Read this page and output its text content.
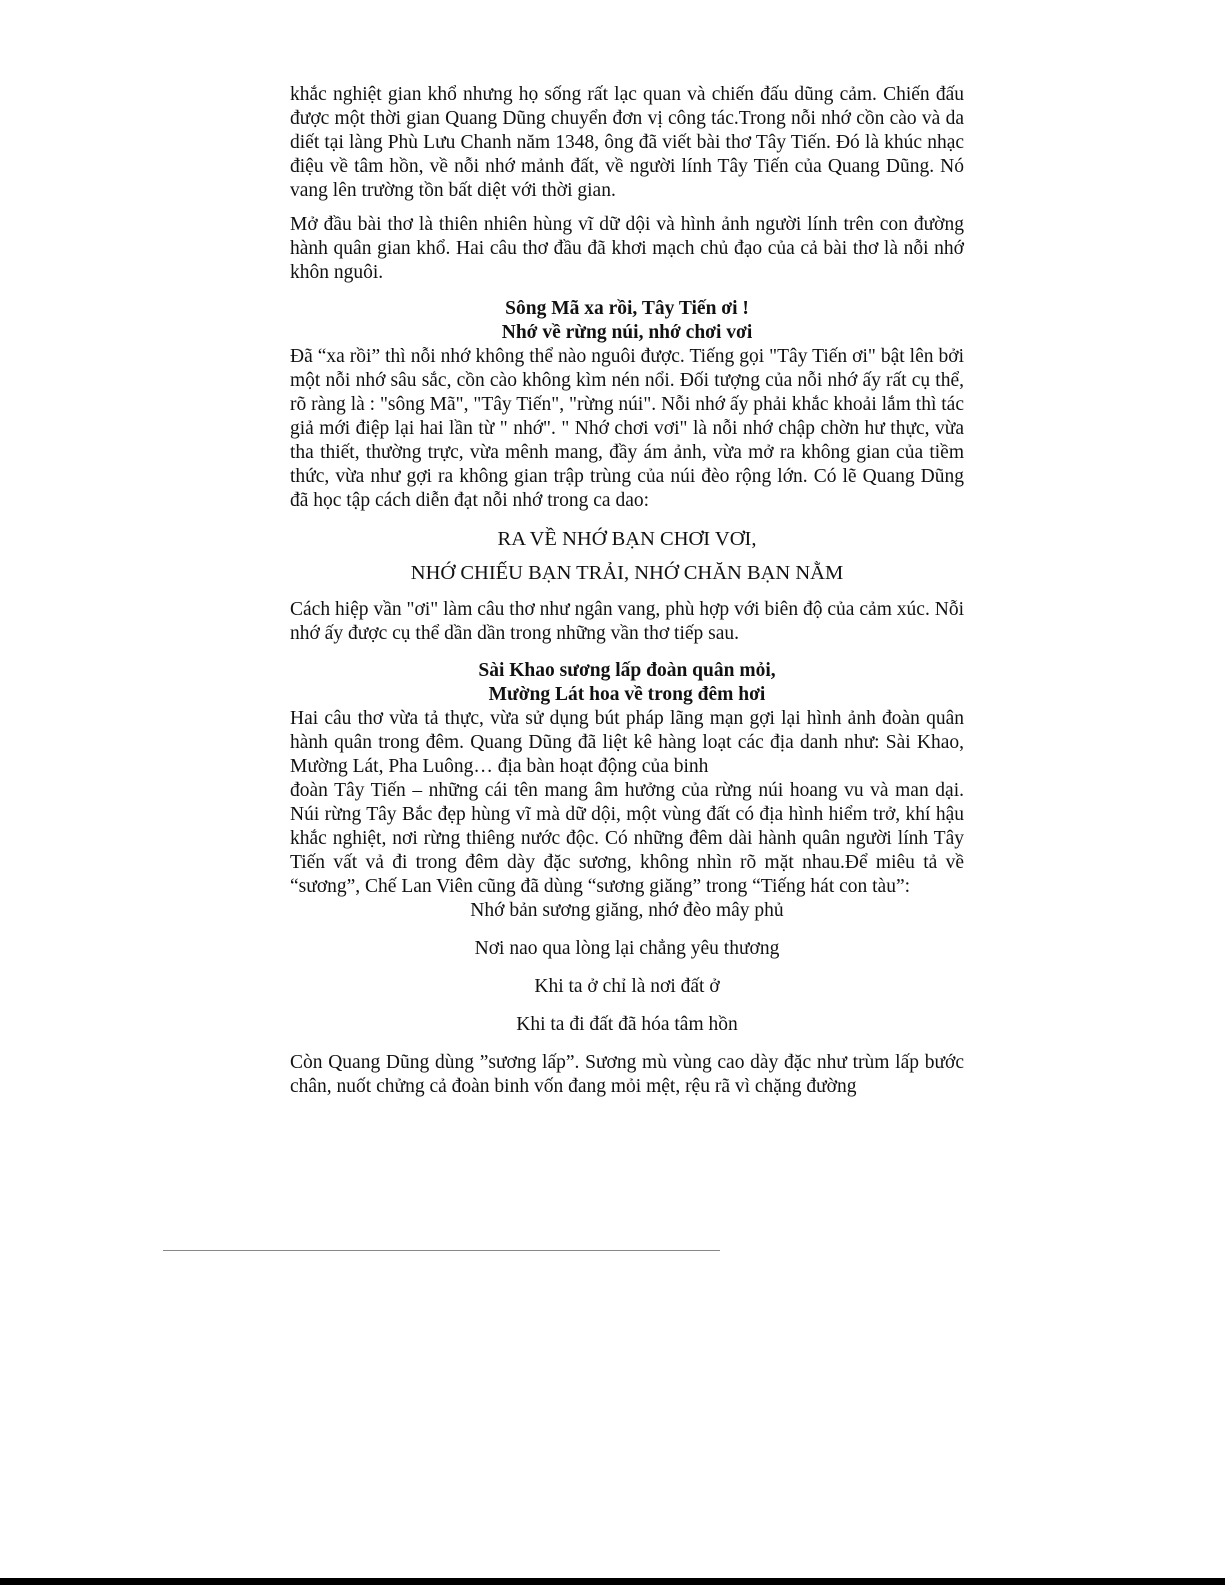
khắc nghiệt gian khổ nhưng họ sống rất lạc quan và chiến đấu dũng cảm. Chiến đấu được một thời gian Quang Dũng chuyển đơn vị công tác.Trong nỗi nhớ cồn cào và da diết tại làng Phù Lưu Chanh năm 1348, ông đã viết bài thơ Tây Tiến. Đó là khúc nhạc điệu về tâm hồn, về nỗi nhớ mảnh đất, về người lính Tây Tiến của Quang Dũng. Nó vang lên trường tồn bất diệt với thời gian.

Mở đầu bài thơ là thiên nhiên hùng vĩ dữ dội và hình ảnh người lính trên con đường hành quân gian khổ. Hai câu thơ đầu đã khơi mạch chủ đạo của cả bài thơ là nỗi nhớ khôn nguôi.

Sông Mã xa rồi, Tây Tiến ơi !

Nhớ về rừng núi, nhớ chơi vơi

Đã “xa rồi” thì nỗi nhớ không thể nào nguôi được. Tiếng gọi "Tây Tiến ơi" bật lên bởi một nỗi nhớ sâu sắc, cồn cào không kìm nén nổi. Đối tượng của nỗi nhớ ấy rất cụ thể, rõ ràng là : "sông Mã", "Tây Tiến", "rừng núi". Nỗi nhớ ấy phải khắc khoải lắm thì tác giả mới điệp lại hai lần từ " nhớ". " Nhớ chơi vơi" là nỗi nhớ chập chờn hư thực, vừa tha thiết, thường trực, vừa mênh mang, đầy ám ảnh, vừa mở ra không gian của tiềm thức, vừa như gợi ra không gian trập trùng của núi đèo rộng lớn. Có lẽ Quang Dũng đã học tập cách diễn đạt nỗi nhớ trong ca dao:

RA VỀ NHỚ BẠN CHƠI VƠI,

NHỚ CHIẾU BẠN TRẢI, NHỚ CHĂN BẠN NẰM

Cách hiệp vần "ơi" làm câu thơ như ngân vang, phù hợp với biên độ của cảm xúc. Nỗi nhớ ấy được cụ thể dần dần trong những vần thơ tiếp sau.

Sài Khao sương lấp đoàn quân mỏi,

Mường Lát hoa về trong đêm hơi

Hai câu thơ vừa tả thực, vừa sử dụng bút pháp lãng mạn gợi lại hình ảnh đoàn quân hành quân trong đêm. Quang Dũng đã liệt kê hàng loạt các địa danh như: Sài Khao, Mường Lát, Pha Luông… địa bàn hoạt động của binh

đoàn Tây Tiến – những cái tên mang âm hưởng của rừng núi hoang vu và man dại. Núi rừng Tây Bắc đẹp hùng vĩ mà dữ dội, một vùng đất có địa hình hiểm trở, khí hậu khắc nghiệt, nơi rừng thiêng nước độc. Có những đêm dài hành quân người lính Tây Tiến vất vả đi trong đêm dày đặc sương, không nhìn rõ mặt nhau.Để miêu tả về “sương”, Chế Lan Viên cũng đã dùng “sương giăng” trong “Tiếng hát con tàu”:

Nhớ bản sương giăng, nhớ đèo mây phủ

Nơi nao qua lòng lại chẳng yêu thương

Khi ta ở chỉ là nơi đất ở

Khi ta đi đất đã hóa tâm hồn

Còn Quang Dũng dùng ”sương lấp”. Sương mù vùng cao dày đặc như trùm lấp bước chân, nuốt chửng cả đoàn binh vốn đang mỏi mệt, rệu rã vì chặng đường
